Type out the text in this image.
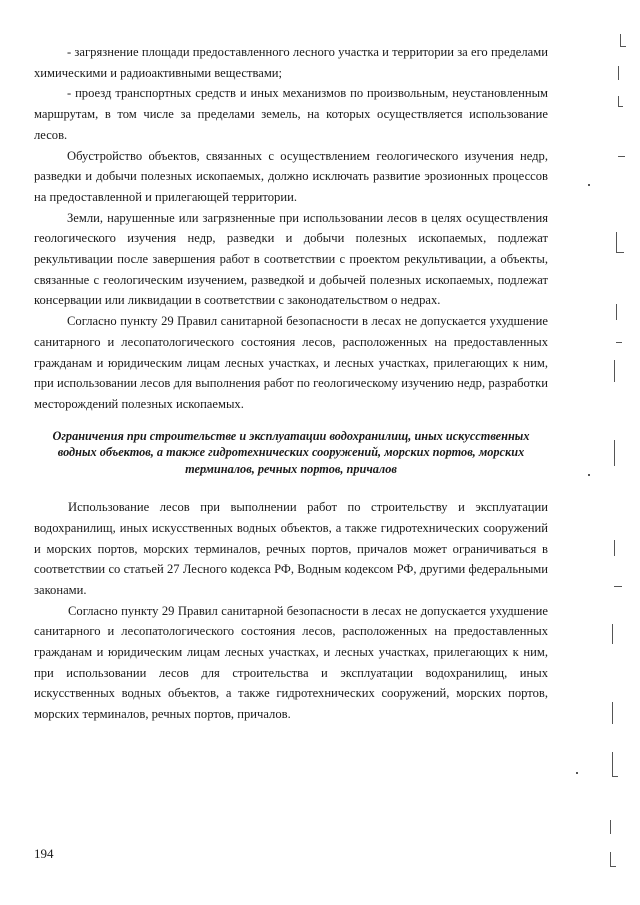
- загрязнение площади предоставленного лесного участка и территории за его пределами химическими и радиоактивными веществами;

- проезд транспортных средств и иных механизмов по произвольным, неустановленным маршрутам, в том числе за пределами земель, на которых осуществляется использование лесов.

Обустройство объектов, связанных с осуществлением геологического изучения недр, разведки и добычи полезных ископаемых, должно исключать развитие эрозионных процессов на предоставленной и прилегающей территории.

Земли, нарушенные или загрязненные при использовании лесов в целях осуществления геологического изучения недр, разведки и добычи полезных ископаемых, подлежат рекультивации после завершения работ в соответствии с проектом рекультивации, а объекты, связанные с геологическим изучением, разведкой и добычей полезных ископаемых, подлежат консервации или ликвидации в соответствии с законодательством о недрах.

Согласно пункту 29 Правил санитарной безопасности в лесах не допускается ухудшение санитарного и лесопатологического состояния лесов, расположенных на предоставленных гражданам и юридическим лицам лесных участках, и лесных участках, прилегающих к ним, при использовании лесов для выполнения работ по геологическому изучению недр, разработки месторождений полезных ископаемых.

Ограничения при строительстве и эксплуатации водохранилищ, иных искусственных водных объектов, а также гидротехнических сооружений, морских портов, морских терминалов, речных портов, причалов

Использование лесов при выполнении работ по строительству и эксплуатации водохранилищ, иных искусственных водных объектов, а также гидротехнических сооружений и морских портов, морских терминалов, речных портов, причалов может ограничиваться в соответствии со статьей 27 Лесного кодекса РФ, Водным кодексом РФ, другими федеральными законами.

Согласно пункту 29 Правил санитарной безопасности в лесах не допускается ухудшение санитарного и лесопатологического состояния лесов, расположенных на предоставленных гражданам и юридическим лицам лесных участках, и лесных участках, прилегающих к ним, при использовании лесов для строительства и эксплуатации водохранилищ, иных искусственных водных объектов, а также гидротехнических сооружений, морских портов, морских терминалов, речных портов, причалов.

194
